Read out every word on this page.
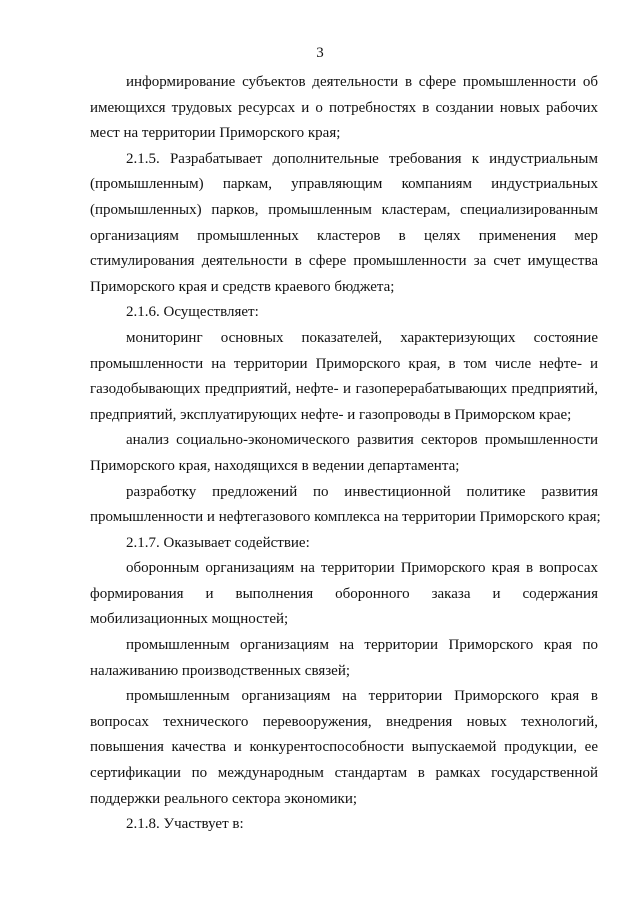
3
информирование субъектов деятельности в сфере промышленности об
имеющихся трудовых ресурсах и о потребностях в создании новых рабочих
мест на территории Приморского края;
2.1.5. Разрабатывает дополнительные требования к индустриальным
(промышленным) паркам, управляющим компаниям индустриальных
(промышленных) парков, промышленным кластерам, специализированным
организациям промышленных кластеров в целях применения мер
стимулирования деятельности в сфере промышленности за счет имущества
Приморского края и средств краевого бюджета;
2.1.6. Осуществляет:
мониторинг основных показателей, характеризующих состояние
промышленности на территории Приморского края, в том числе нефте- и
газодобывающих предприятий, нефте- и газоперерабатывающих предприятий,
предприятий, эксплуатирующих нефте- и газопроводы в Приморском крае;
анализ социально-экономического развития секторов промышленности
Приморского края, находящихся в ведении департамента;
разработку предложений по инвестиционной политике развития
промышленности и нефтегазового комплекса на территории Приморского края;
2.1.7. Оказывает содействие:
оборонным организациям на территории Приморского края в вопросах
формирования и выполнения оборонного заказа и содержания
мобилизационных мощностей;
промышленным организациям на территории Приморского края по
налаживанию производственных связей;
промышленным организациям на территории Приморского края в
вопросах технического перевооружения, внедрения новых технологий,
повышения качества и конкурентоспособности выпускаемой продукции, ее
сертификации по международным стандартам в рамках государственной
поддержки реального сектора экономики;
2.1.8. Участвует в:
